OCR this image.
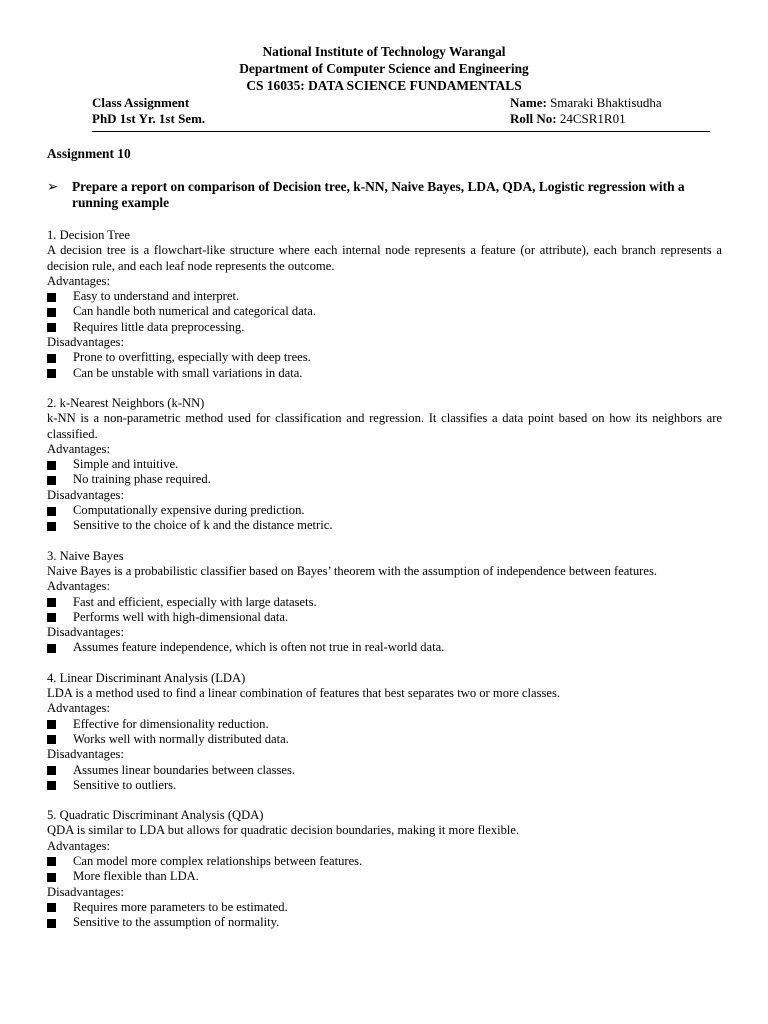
National Institute of Technology Warangal
Department of Computer Science and Engineering
CS 16035: DATA SCIENCE FUNDAMENTALS
Class Assignment
PhD 1st Yr. 1st Sem.
Name: Smaraki Bhaktisudha
Roll No: 24CSR1R01
Assignment 10
➢	Prepare a report on comparison of Decision tree, k-NN, Naive Bayes, LDA, QDA, Logistic regression with a running example

1. Decision Tree

A decision tree is a flowchart-like structure where each internal node represents a feature (or attribute), each branch represents a decision rule, and each leaf node represents the outcome.

Advantages:

Easy to understand and interpret.
Can handle both numerical and categorical data.
Requires little data preprocessing.

Disadvantages:

Prone to overfitting, especially with deep trees.
Can be unstable with small variations in data.

2. k-Nearest Neighbors (k-NN)

k-NN is a non-parametric method used for classification and regression. It classifies a data point based on how its neighbors are classified.

Advantages:

Simple and intuitive.
No training phase required.

Disadvantages:

Computationally expensive during prediction.
Sensitive to the choice of k and the distance metric.

3. Naive Bayes

Naive Bayes is a probabilistic classifier based on Bayes’ theorem with the assumption of independence between features.

Advantages:

Fast and efficient, especially with large datasets.
Performs well with high-dimensional data.

Disadvantages:

Assumes feature independence, which is often not true in real-world data.

4. Linear Discriminant Analysis (LDA)

LDA is a method used to find a linear combination of features that best separates two or more classes.

Advantages:

Effective for dimensionality reduction.
Works well with normally distributed data.

Disadvantages:

Assumes linear boundaries between classes.
Sensitive to outliers.

5. Quadratic Discriminant Analysis (QDA)

QDA is similar to LDA but allows for quadratic decision boundaries, making it more flexible.

Advantages:

Can model more complex relationships between features.
More flexible than LDA.

Disadvantages:

Requires more parameters to be estimated.
Sensitive to the assumption of normality.
